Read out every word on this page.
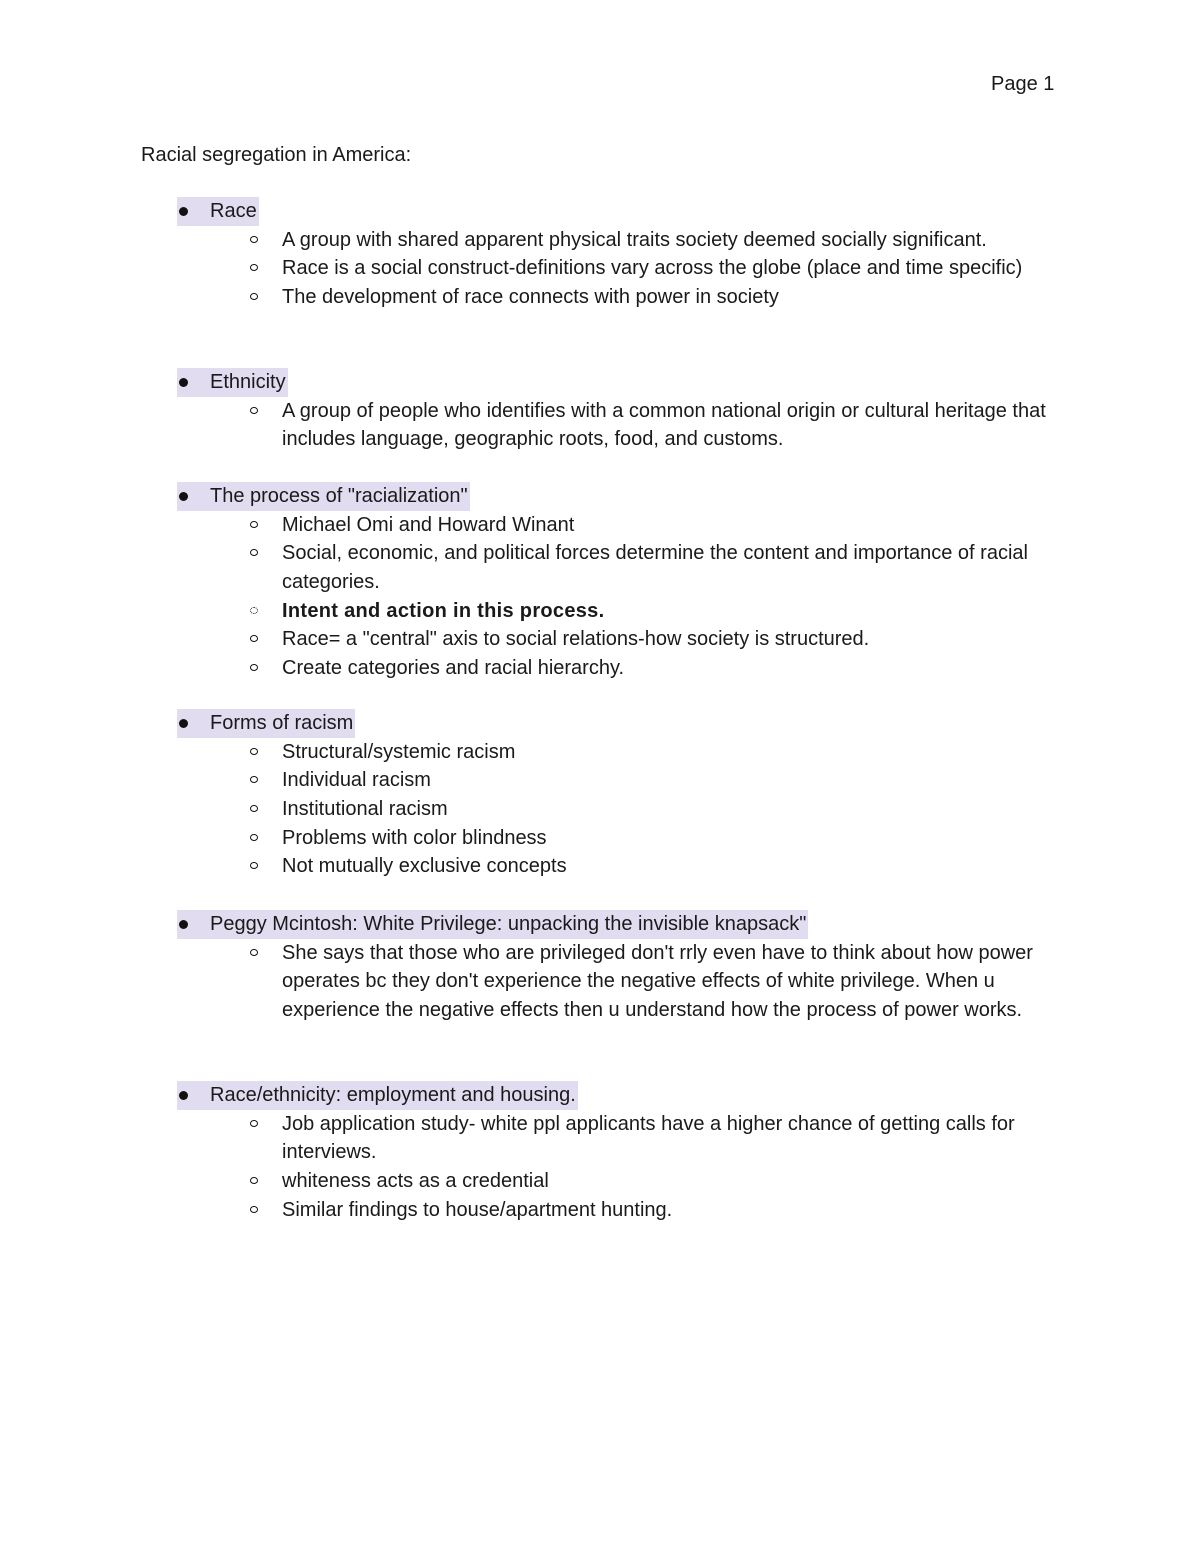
Page 1
Racial segregation in America:
Race
A group with shared apparent physical traits society deemed socially significant.
Race is a social construct-definitions vary across the globe (place and time specific)
The development of race connects with power in society
Ethnicity
A group of people who identifies with a common national origin or cultural heritage that includes language, geographic roots, food, and customs.
The process of "racialization"
Michael Omi and Howard Winant
Social, economic, and political forces determine the content and importance of racial categories.
Intent and action in this process.
Race= a "central" axis to social relations-how society is structured.
Create categories and racial hierarchy.
Forms of racism
Structural/systemic racism
Individual racism
Institutional racism
Problems with color blindness
Not mutually exclusive concepts
Peggy Mcintosh: White Privilege: unpacking the invisible knapsack"
She says that those who are privileged don't rrly even have to think about how power operates bc they don't experience the negative effects of white privilege. When u experience the negative effects then u understand how the process of power works.
Race/ethnicity: employment and housing.
Job application study- white ppl applicants have a higher chance of getting calls for interviews.
whiteness acts as a credential
Similar findings to house/apartment hunting.
